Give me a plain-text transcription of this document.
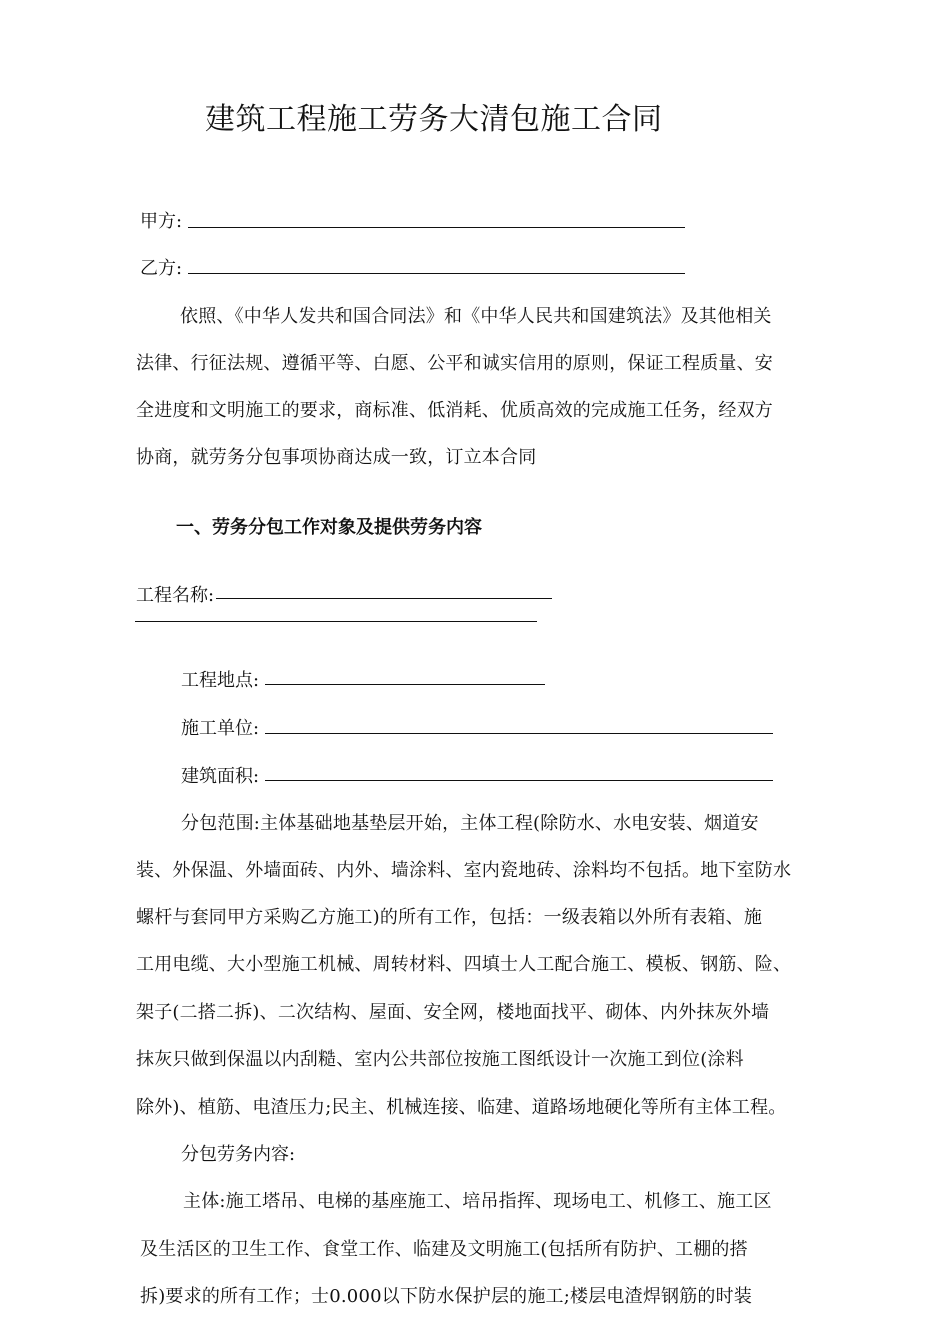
建筑工程施工劳务大清包施工合同
甲方:
乙方:
依照、《中华人发共和国合同法》和《中华人民共和国建筑法》及其他相关
法律、行征法规、遵循平等、白愿、公平和诚实信用的原则，保证工程质量、安
全进度和文明施工的要求，商标准、低消耗、优质高效的完成施工任务，经双方
协商，就劳务分包事项协商达成一致，订立本合同
一、劳务分包工作对象及提供劳务内容
工程名称:
工程地点:
施工单位:
建筑面积:
分包范围:主体基础地基垫层开始，主体工程(除防水、水电安装、烟道安
装、外保温、外墙面砖、内外、墙涂料、室内瓷地砖、涂料均不包括。地下室防水
螺杆与套同甲方采购乙方施工)的所有工作，包括：一级表箱以外所有表箱、施
工用电缆、大小型施工机械、周转材料、四填士人工配合施工、模板、钢筋、险、
架子(二搭二拆)、二次结构、屋面、安全网，楼地面找平、砌体、内外抹灰外墙
抹灰只做到保温以内刮糙、室内公共部位按施工图纸设计一次施工到位(涂料
除外)、植筋、电渣压力;民主、机械连接、临建、道路场地硬化等所有主体工程。
分包劳务内容:
主体:施工塔吊、电梯的基座施工、培吊指挥、现场电工、机修工、施工区
及生活区的卫生工作、食堂工作、临建及文明施工(包括所有防护、工棚的搭
拆)要求的所有工作；士0.000以下防水保护层的施工;楼层电渣焊钢筋的时装
